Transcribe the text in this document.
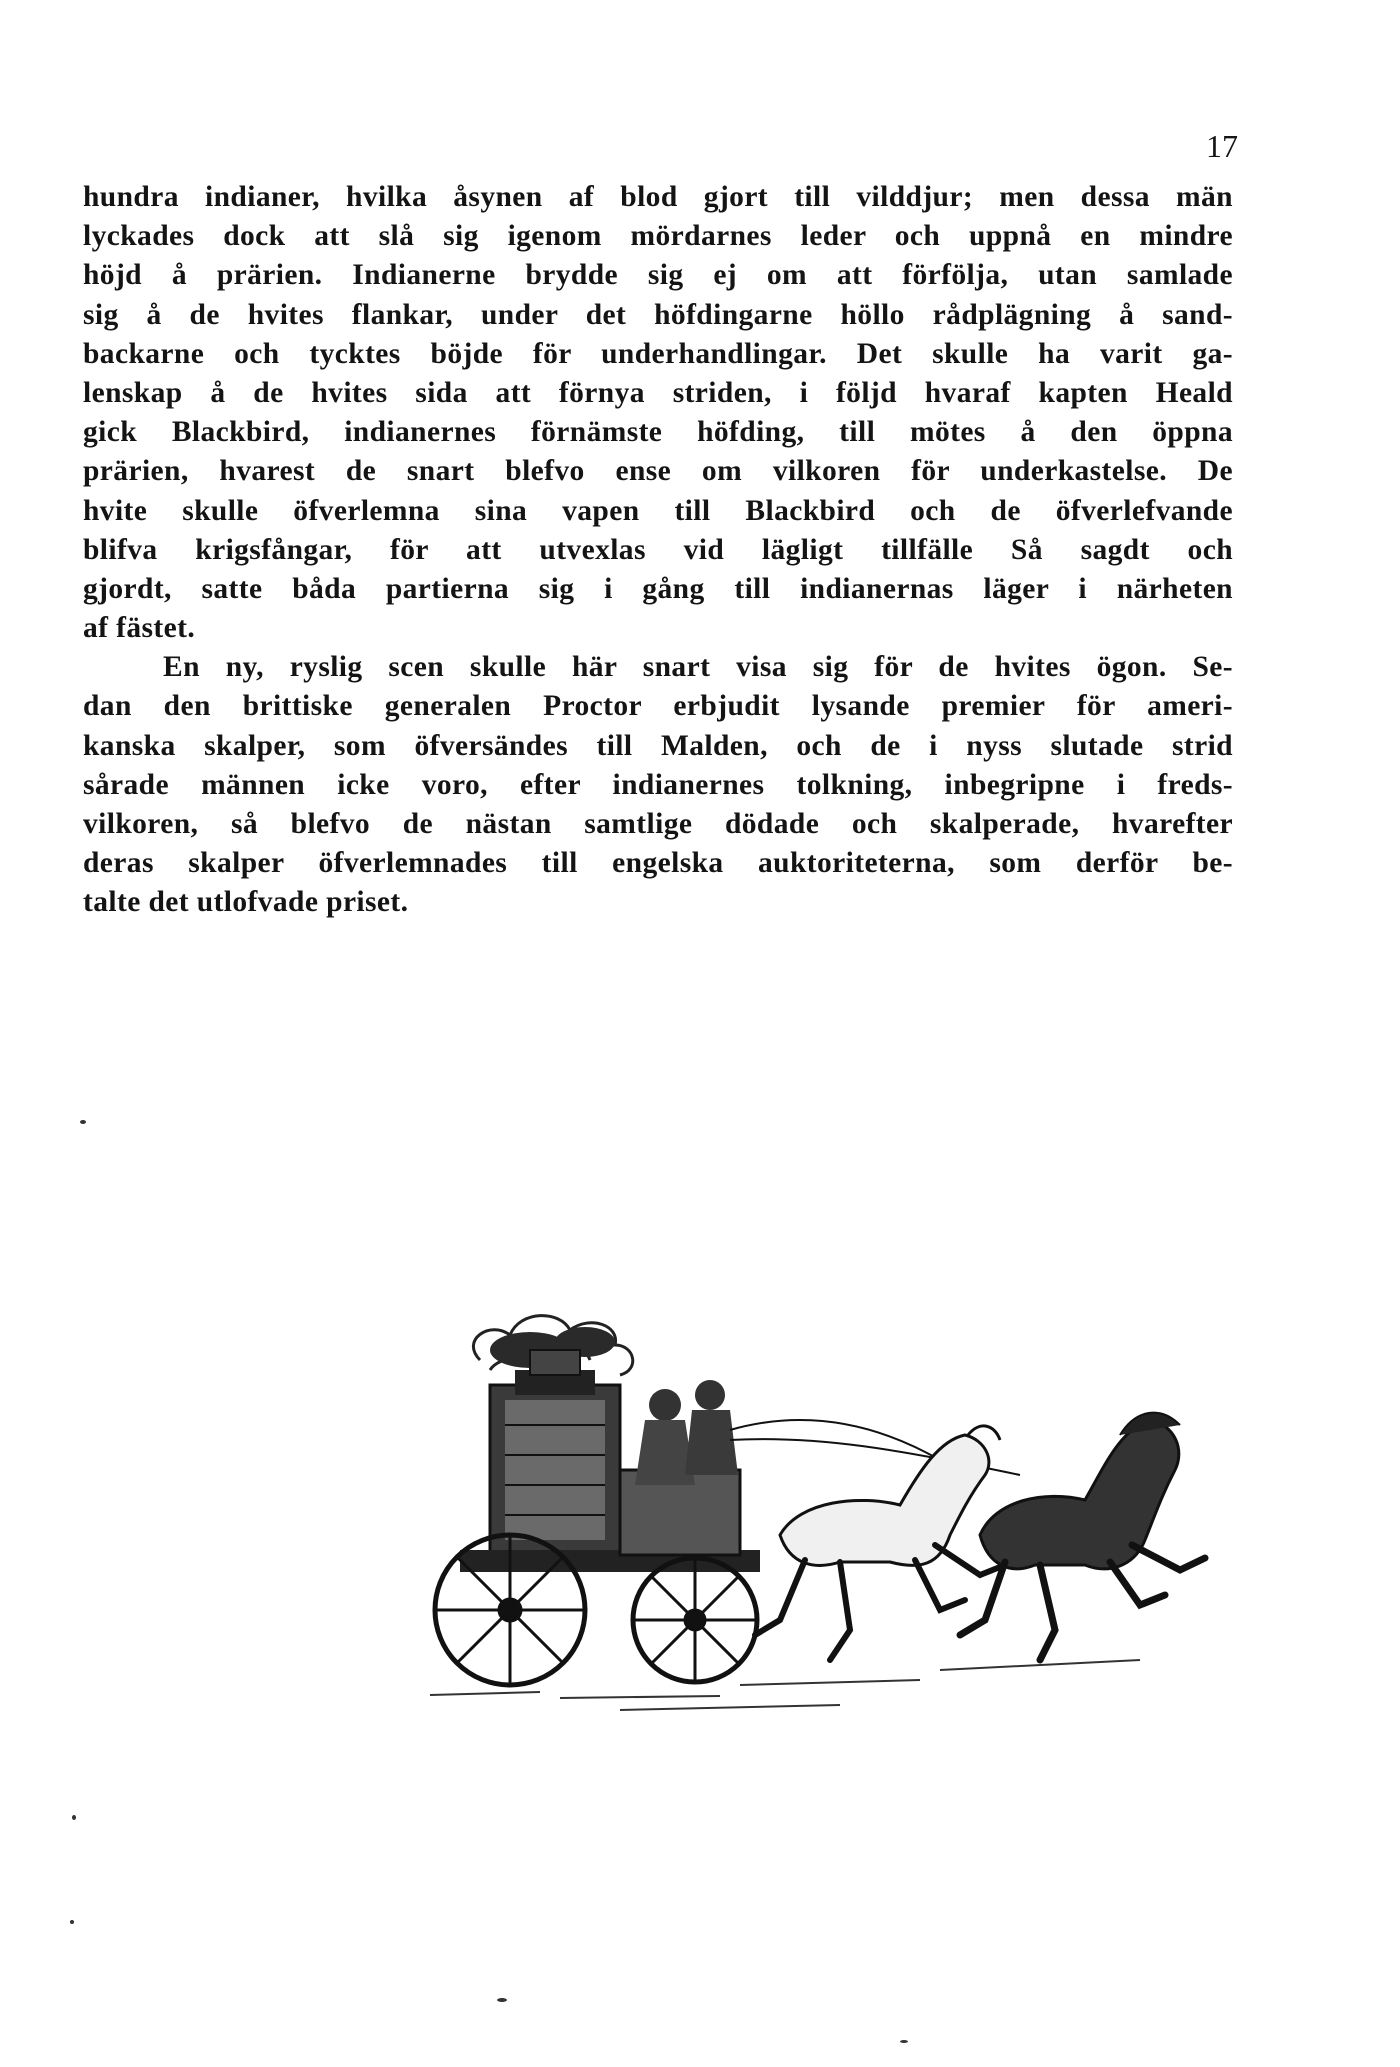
17
hundra indianer, hvilka åsynen af blod gjort till vilddjur; men dessa män
lyckades dock att slå sig igenom mördarnes leder och uppnå en mindre
höjd å prärien. Indianerne brydde sig ej om att förfölja, utan samlade
sig å de hvites flankar, under det höfdingarne höllo rådplägning å sand-
backarne och tycktes böjde för underhandlingar. Det skulle ha varit ga-
lenskap å de hvites sida att förnya striden, i följd hvaraf kapten Heald
gick Blackbird, indianernes förnämste höfding, till mötes å den öppna
prärien, hvarest de snart blefvo ense om vilkoren för underkastelse. De
hvite skulle öfverlemna sina vapen till Blackbird och de öfverlefvande
blifva krigsfångar, för att utvexlas vid lägligt tillfälle Så sagdt och
gjordt, satte båda partierna sig i gång till indianernas läger i närheten
af fästet.
En ny, ryslig scen skulle här snart visa sig för de hvites ögon. Se-
dan den brittiske generalen Proctor erbjudit lysande premier för ameri-
kanska skalper, som öfversändes till Malden, och de i nyss slutade strid
sårade männen icke voro, efter indianernes tolkning, inbegripne i freds-
vilkoren, så blefvo de nästan samtlige dödade och skalperade, hvarefter
deras skalper öfverlemnades till engelska auktoriteterna, som derför be-
talte det utlofvade priset.
